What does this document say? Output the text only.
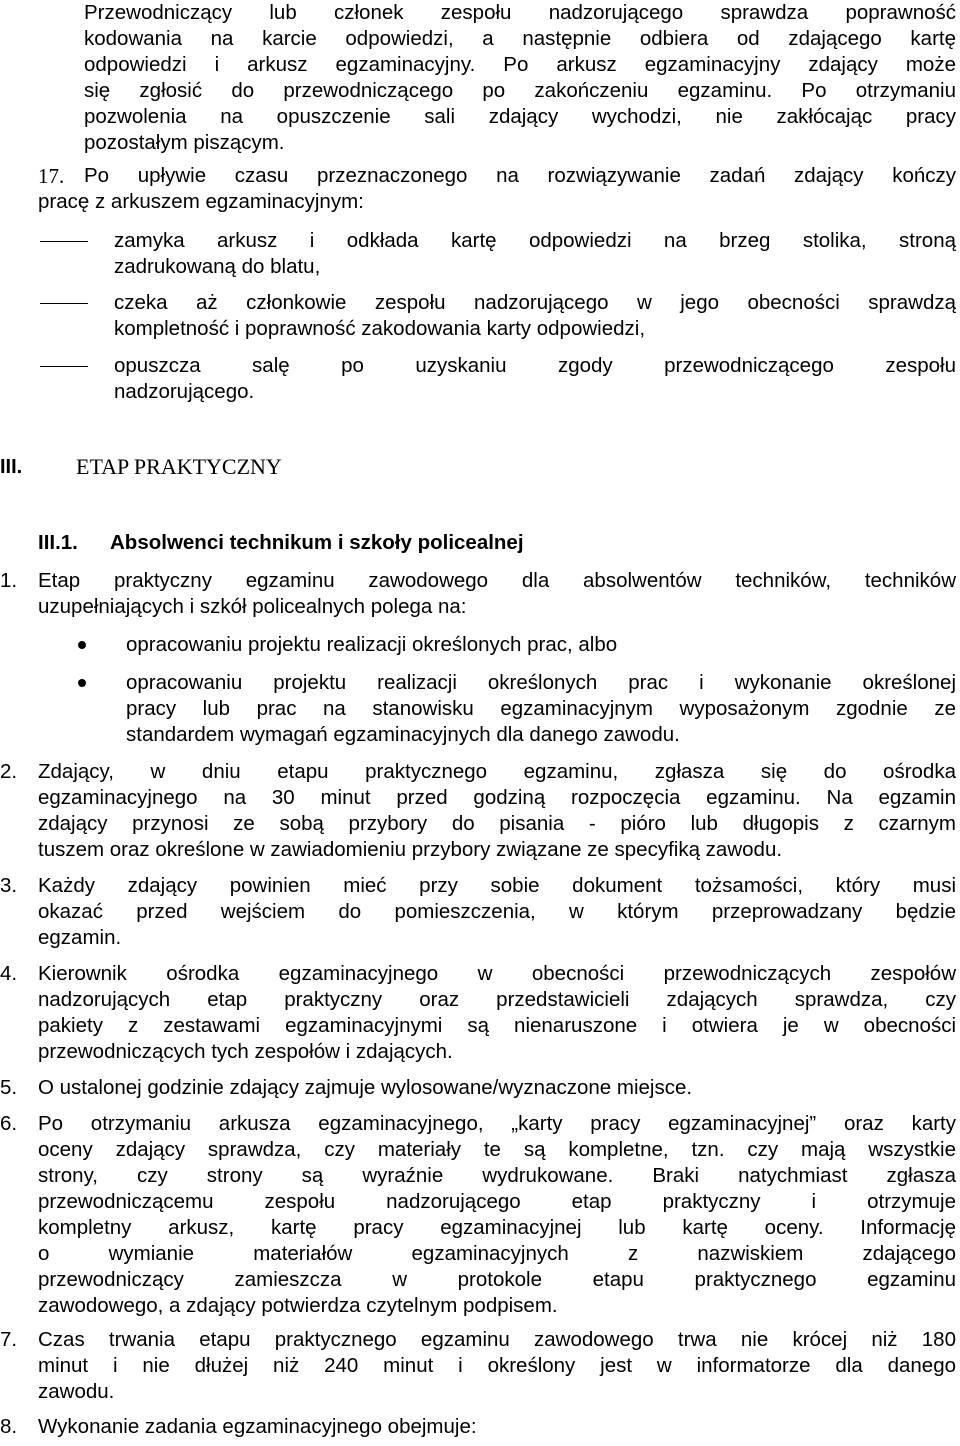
Przewodniczący lub członek zespołu nadzorującego sprawdza poprawność
kodowania na karcie odpowiedzi, a następnie odbiera od zdającego kartę
odpowiedzi i arkusz egzaminacyjny. Po arkusz egzaminacyjny zdający może
się zgłosić do przewodniczącego po zakończeniu egzaminu. Po otrzymaniu
pozwolenia na opuszczenie sali zdający wychodzi, nie zakłócając pracy
pozostałym piszącym.
17. Po upływie czasu przeznaczonego na rozwiązywanie zadań zdający kończy
pracę z arkuszem egzaminacyjnym:
zamyka arkusz i odkłada kartę odpowiedzi na brzeg stolika, stroną
zadrukowaną do blatu,
czeka aż członkowie zespołu nadzorującego w jego obecności sprawdzą
kompletność i poprawność zakodowania karty odpowiedzi,
opuszcza salę po uzyskaniu zgody przewodniczącego zespołu
nadzorującego.
III. ETAP PRAKTYCZNY
III.1. Absolwenci technikum i szkoły policealnej
1.	Etap praktyczny egzaminu zawodowego dla absolwentów techników, techników
uzupełniających i szkół policealnych polega na:
opracowaniu projektu realizacji określonych prac, albo
opracowaniu projektu realizacji określonych prac i wykonanie określonej
pracy lub prac na stanowisku egzaminacyjnym wyposażonym zgodnie ze
standardem wymagań egzaminacyjnych dla danego zawodu.
2.	Zdający, w dniu etapu praktycznego egzaminu, zgłasza się do ośrodka
egzaminacyjnego na 30 minut przed godziną rozpoczęcia egzaminu. Na egzamin
zdający przynosi ze sobą przybory do pisania - pióro lub długopis z czarnym
tuszem oraz określone w zawiadomieniu przybory związane ze specyfiką zawodu.
3.	Każdy zdający powinien mieć przy sobie dokument tożsamości, który musi
okazać przed wejściem do pomieszczenia, w którym przeprowadzany będzie
egzamin.
4.	Kierownik ośrodka egzaminacyjnego w obecności przewodniczących zespołów
nadzorujących etap praktyczny oraz przedstawicieli zdających sprawdza, czy
pakiety z zestawami egzaminacyjnymi są nienaruszone i otwiera je w obecności
przewodniczących tych zespołów i zdających.
5.	O ustalonej godzinie zdający zajmuje wylosowane/wyznaczone miejsce.
6.	Po otrzymaniu arkusza egzaminacyjnego, „karty pracy egzaminacyjnej” oraz karty
oceny zdający sprawdza, czy materiały te są kompletne, tzn. czy mają wszystkie
strony, czy strony są wyraźnie wydrukowane. Braki natychmiast zgłasza
przewodniczącemu zespołu nadzorującego etap praktyczny i otrzymuje
kompletny arkusz, kartę pracy egzaminacyjnej lub kartę oceny. Informację
o wymianie materiałów egzaminacyjnych z nazwiskiem zdającego
przewodniczący zamieszcza w protokole etapu praktycznego egzaminu
zawodowego, a zdający potwierdza czytelnym podpisem.
7.	Czas trwania etapu praktycznego egzaminu zawodowego trwa nie krócej niż 180
minut i nie dłużej niż 240 minut i określony jest w informatorze dla danego
zawodu.
8.	Wykonanie zadania egzaminacyjnego obejmuje:
